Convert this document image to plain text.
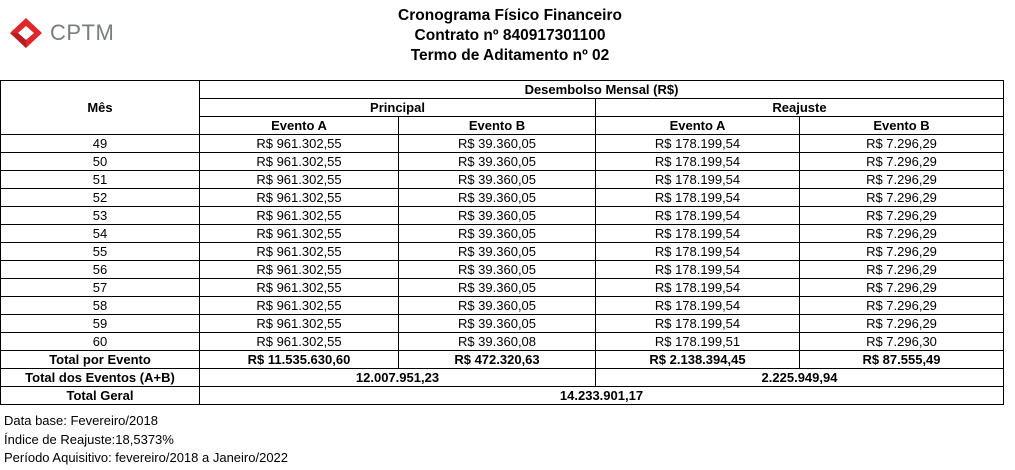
CPTM
Cronograma Físico Financeiro
Contrato nº 840917301100
Termo de Aditamento nº 02
Mês	Desembolso Mensal (R$)			
	Principal		Reajuste	
	Evento A	Evento B	Evento A	Evento B
49	R$ 961.302,55	R$ 39.360,05	R$ 178.199,54	R$ 7.296,29
50	R$ 961.302,55	R$ 39.360,05	R$ 178.199,54	R$ 7.296,29
51	R$ 961.302,55	R$ 39.360,05	R$ 178.199,54	R$ 7.296,29
52	R$ 961.302,55	R$ 39.360,05	R$ 178.199,54	R$ 7.296,29
53	R$ 961.302,55	R$ 39.360,05	R$ 178.199,54	R$ 7.296,29
54	R$ 961.302,55	R$ 39.360,05	R$ 178.199,54	R$ 7.296,29
55	R$ 961.302,55	R$ 39.360,05	R$ 178.199,54	R$ 7.296,29
56	R$ 961.302,55	R$ 39.360,05	R$ 178.199,54	R$ 7.296,29
57	R$ 961.302,55	R$ 39.360,05	R$ 178.199,54	R$ 7.296,29
58	R$ 961.302,55	R$ 39.360,05	R$ 178.199,54	R$ 7.296,29
59	R$ 961.302,55	R$ 39.360,05	R$ 178.199,54	R$ 7.296,29
60	R$ 961.302,55	R$ 39.360,08	R$ 178.199,51	R$ 7.296,30
Total por Evento	R$ 11.535.630,60	R$ 472.320,63	R$ 2.138.394,45	R$ 87.555,49
Total dos Eventos (A+B)	12.007.951,23		2.225.949,94	
Total Geral	14.233.901,17			
Data base: Fevereiro/2018
Índice de Reajuste:18,5373%
Período Aquisitivo: fevereiro/2018 a Janeiro/2022
